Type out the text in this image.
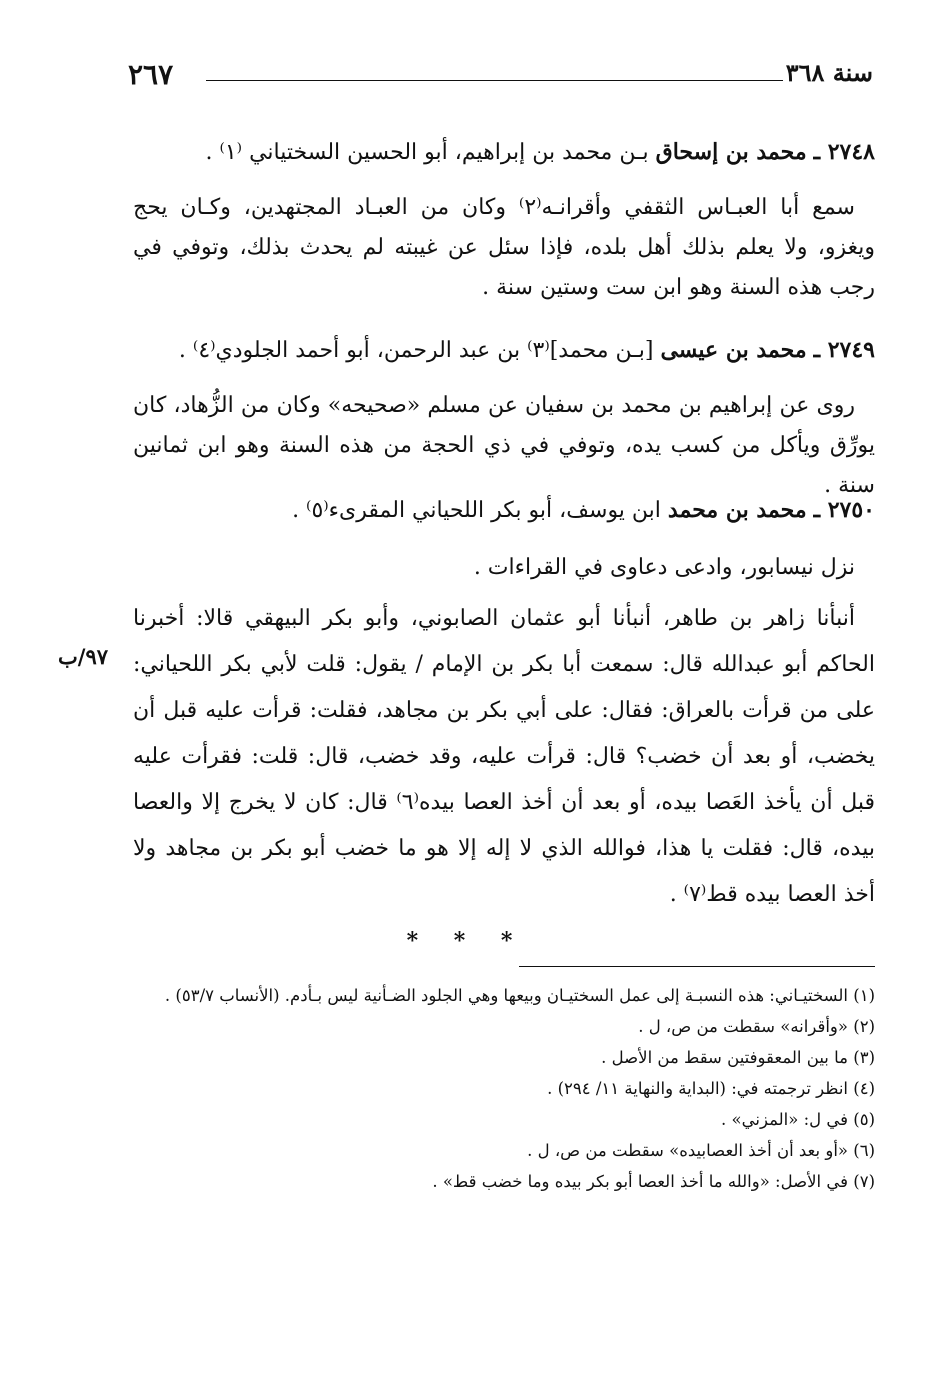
٢٦٧	سنة ٣٦٨

٢٧٤٨ ـ محمد بن إسحاق بـن محمد بن إبراهيم، أبو الحسين السختياني ⁽١⁾ .

سمع أبا العبـاس الثقفي وأقرانـه⁽٢⁾ وكان من العبـاد المجتهدين، وكـان يحج ويغزو، ولا يعلم بذلك أهل بلده، فإذا سئل عن غيبته لم يحدث بذلك، وتوفي في رجب هذه السنة وهو ابن ست وستين سنة .

٢٧٤٩ ـ محمد بن عيسى [بـن محمد]⁽٣⁾ بن عبد الرحمن، أبو أحمد الجلودي⁽٤⁾ .

روى عن إبراهيم بن محمد بن سفيان عن مسلم «صحيحه» وكان من الزُّهاد، كان يورِّق ويأكل من كسب يده، وتوفي في ذي الحجة من هذه السنة وهو ابن ثمانين سنة .

٢٧٥٠ ـ محمد بن محمد ابن يوسف، أبو بكر اللحياني المقرىء⁽٥⁾ .

نزل نيسابور، وادعى دعاوى في القراءات .

أنبأنا زاهر بن طاهر، أنبأنا أبو عثمان الصابوني، وأبو بكر البيهقي قالا: أخبرنا الحاكم أبو عبدالله قال: سمعت أبا بكر بن الإمام / يقول: قلت لأبي بكر اللحياني: على من قرأت بالعراق: فقال: على أبي بكر بن مجاهد، فقلت: قرأت عليه قبل أن يخضب، أو بعد أن خضب؟ قال: قرأت عليه، وقد خضب، قال: قلت: فقرأت عليه قبل أن يأخذ العَصا بيده، أو بعد أن أخذ العصا بيده⁽٦⁾ قال: كان لا يخرج إلا والعصا بيده، قال: فقلت يا هذا، فوالله الذي لا إله إلا هو ما خضب أبو بكر بن مجاهد ولا أخذ العصا بيده قط⁽٧⁾ .

٩٧/ب
* * *
(١) السختيـاني: هذه النسبـة إلى عمل السختيـان وبيعها وهي الجلود الضـأنية ليس بـأدم. (الأنساب ٥٣/٧) .
(٢) «وأقرانه» سقطت من ص، ل .
(٣) ما بين المعقوفتين سقط من الأصل .
(٤) انظر ترجمته في: (البداية والنهاية ١١/ ٢٩٤) .
(٥) في ل: «المزني» .
(٦) «أو بعد أن أخذ العصابيده» سقطت من ص، ل .
(٧) في الأصل: «والله ما أخذ العصا أبو بكر بيده وما خضب قط» .
